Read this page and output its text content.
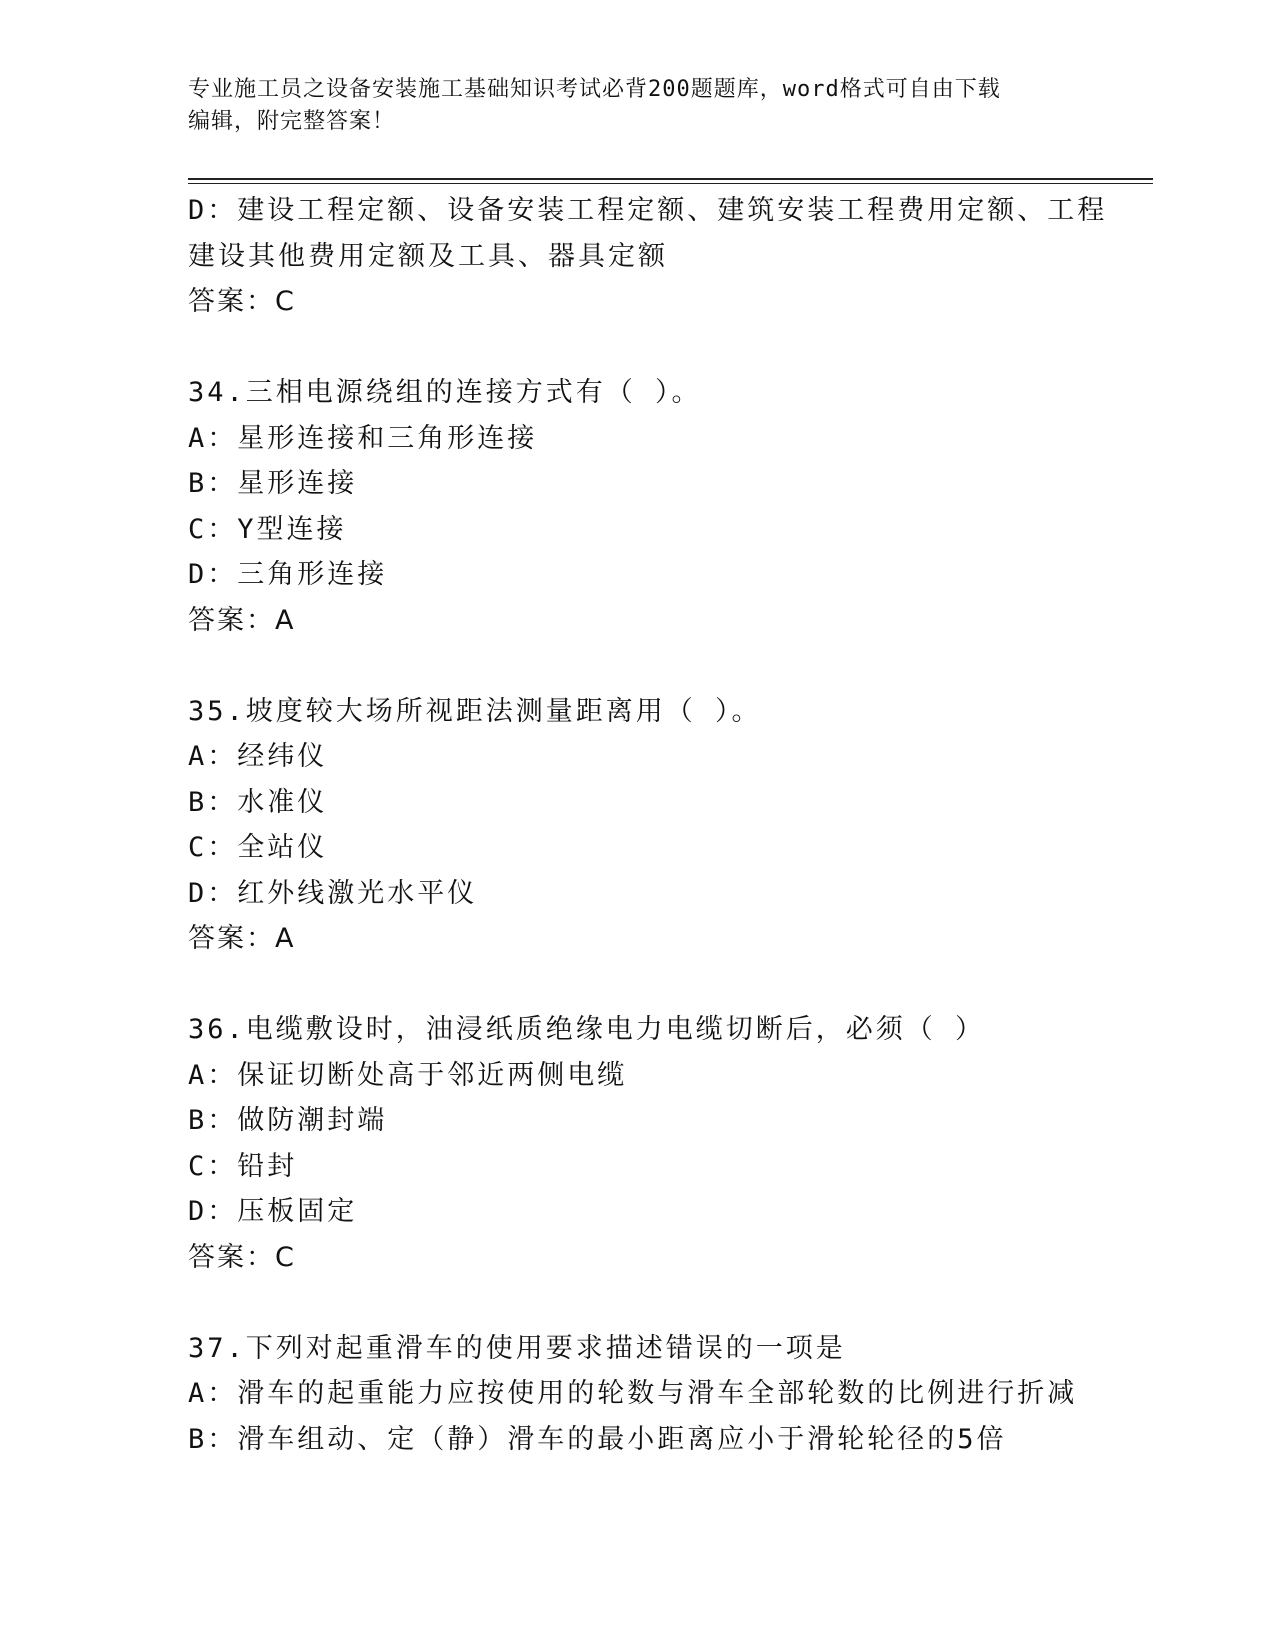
专业施工员之设备安装施工基础知识考试必背200题题库，word格式可自由下载
编辑，附完整答案！
D：建设工程定额、设备安装工程定额、建筑安装工程费用定额、工程
建设其他费用定额及工具、器具定额
答案：C
34.三相电源绕组的连接方式有（ ）。
A：星形连接和三角形连接
B：星形连接
C：Y型连接
D：三角形连接
答案：A
35.坡度较大场所视距法测量距离用（ ）。
A：经纬仪
B：水准仪
C：全站仪
D：红外线激光水平仪
答案：A
36.电缆敷设时，油浸纸质绝缘电力电缆切断后，必须（ ）
A：保证切断处高于邻近两侧电缆
B：做防潮封端
C：铅封
D：压板固定
答案：C
37.下列对起重滑车的使用要求描述错误的一项是
A：滑车的起重能力应按使用的轮数与滑车全部轮数的比例进行折减
B：滑车组动、定（静）滑车的最小距离应小于滑轮轮径的5倍
